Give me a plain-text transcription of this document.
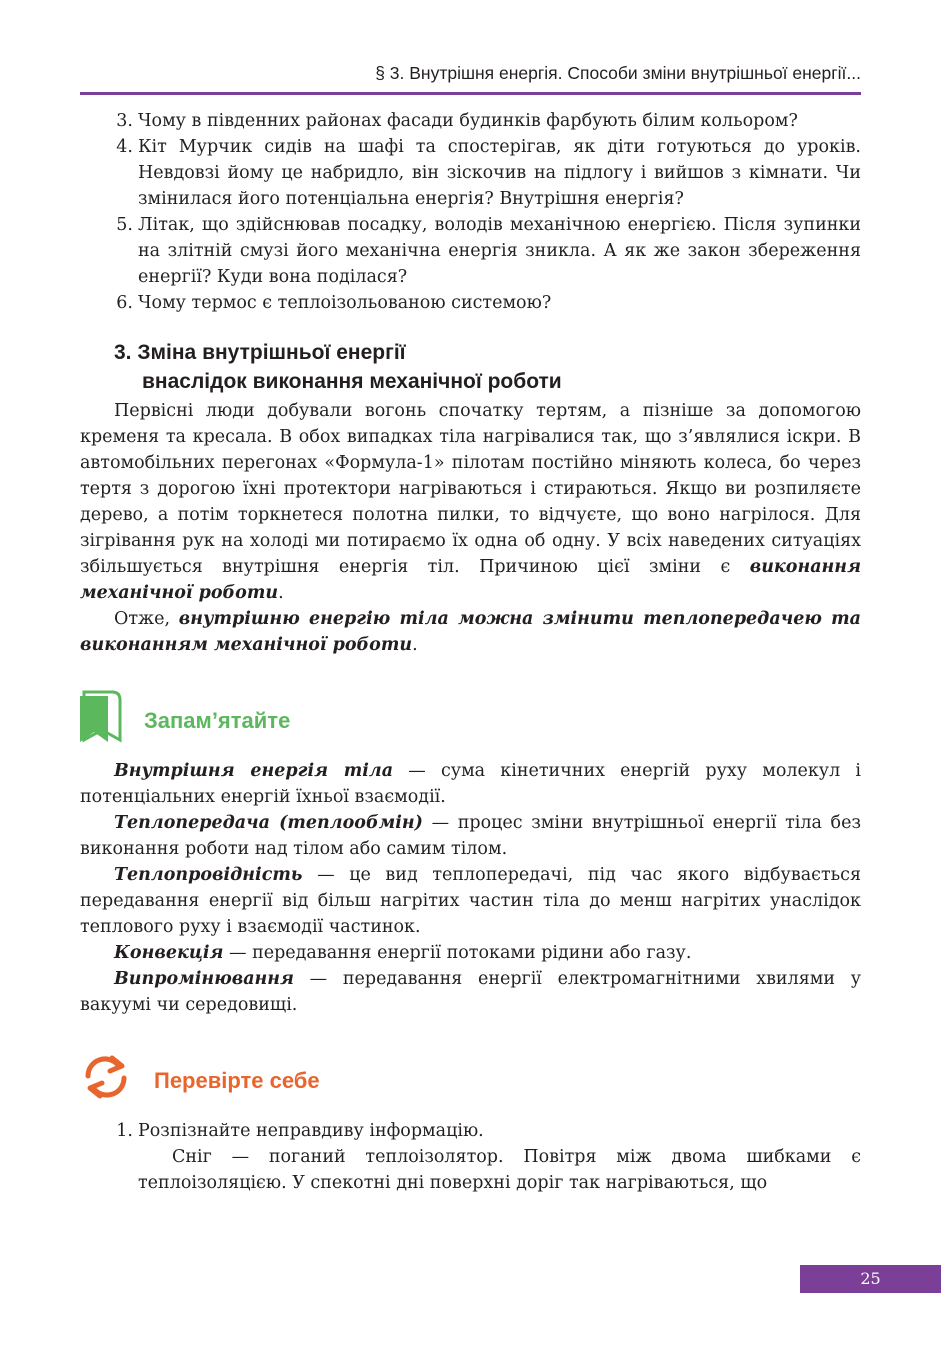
§ 3. Внутрішня енергія. Способи зміни внутрішньої енергії...
3. Чому в південних районах фасади будинків фарбують білим кольором?
4. Кіт Мурчик сидів на шафі та спостерігав, як діти готуються до уроків. Невдовзі йому це набридло, він зіскочив на підлогу і вийшов з кімнати. Чи змінилася його потенціальна енергія? Внутрішня енергія?
5. Літак, що здійснював посадку, володів механічною енергією. Після зупинки на злітній смузі його механічна енергія зникла. А як же закон збереження енергії? Куди вона поділася?
6. Чому термос є теплоізольованою системою?
3. Зміна внутрішньої енергії
внаслідок виконання механічної роботи

Первісні люди добували вогонь спочатку тертям, а пізніше за допомогою кременя та кресала. В обох випадках тіла нагрівалися так, що з’являлися іскри. В автомобільних перегонах «Формула-1» пілотам постійно міняють колеса, бо через тертя з дорогою їхні протектори нагріваються і стираються. Якщо ви розпиляєте дерево, а потім торкнетеся полотна пилки, то відчуєте, що воно нагрілося. Для зігрівання рук на холоді ми потираємо їх одна об одну. У всіх наведених ситуаціях збільшується внутрішня енергія тіл. Причиною цієї зміни є виконання механічної роботи.

Отже, внутрішню енергію тіла можна змінити теплопередачею та виконанням механічної роботи.

Запам’ятайте

Внутрішня енергія тіла — сума кінетичних енергій руху молекул і потенціальних енергій їхньої взаємодії.

Теплопередача (теплообмін) — процес зміни внутрішньої енергії тіла без виконання роботи над тілом або самим тілом.

Теплопровідність — це вид теплопередачі, під час якого відбувається передавання енергії від більш нагрітих частин тіла до менш нагрітих унаслідок теплового руху і взаємодії частинок.

Конвекція — передавання енергії потоками рідини або газу.

Випромінювання — передавання енергії електромагнітними хвилями у вакуумі чи середовищі.

Перевірте себе
1. Розпізнайте неправдиву інформацію.

Сніг — поганий теплоізолятор. Повітря між двома шибками є теплоізоляцією. У спекотні дні поверхні доріг так нагріваються, що

25
